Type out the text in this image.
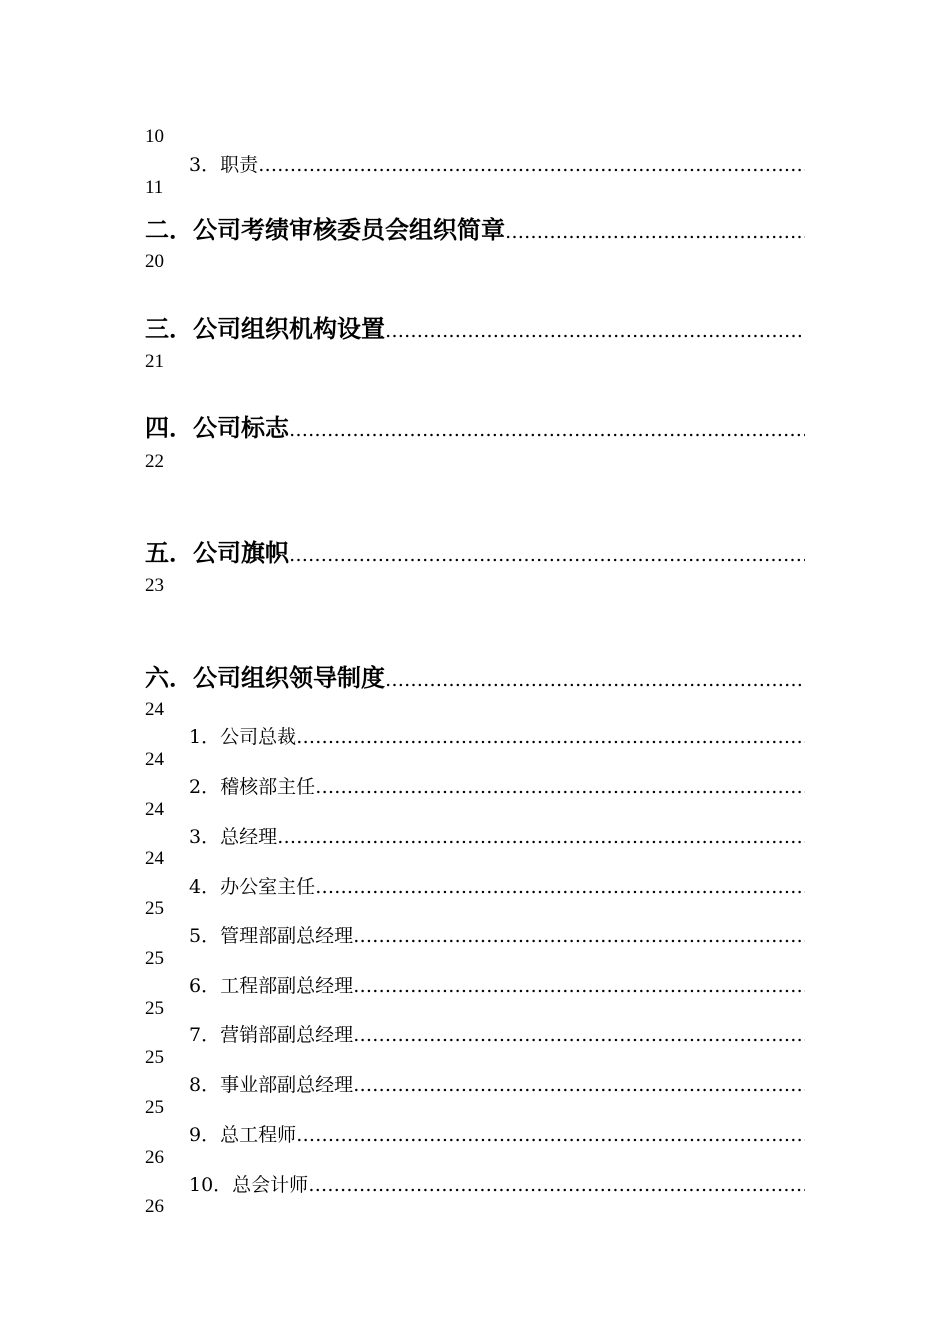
10
3．职责
……………………………………………………………………………………………………………………………………………………
11
二．公司考绩审核委员会组织简章
……………………………………………………………………………………………………………………………………………………
20
三．公司组织机构设置
……………………………………………………………………………………………………………………………………………………
21
四．公司标志
……………………………………………………………………………………………………………………………………………………
22
五．公司旗帜
……………………………………………………………………………………………………………………………………………………
23
六．公司组织领导制度
……………………………………………………………………………………………………………………………………………………
24
1．公司总裁
……………………………………………………………………………………………………………………………………………………
24
2．稽核部主任
……………………………………………………………………………………………………………………………………………………
24
3．总经理
……………………………………………………………………………………………………………………………………………………
24
4．办公室主任
……………………………………………………………………………………………………………………………………………………
25
5．管理部副总经理
……………………………………………………………………………………………………………………………………………………
25
6．工程部副总经理
……………………………………………………………………………………………………………………………………………………
25
7．营销部副总经理
……………………………………………………………………………………………………………………………………………………
25
8．事业部副总经理
……………………………………………………………………………………………………………………………………………………
25
9．总工程师
……………………………………………………………………………………………………………………………………………………
26
10．总会计师
……………………………………………………………………………………………………………………………………………………
26
